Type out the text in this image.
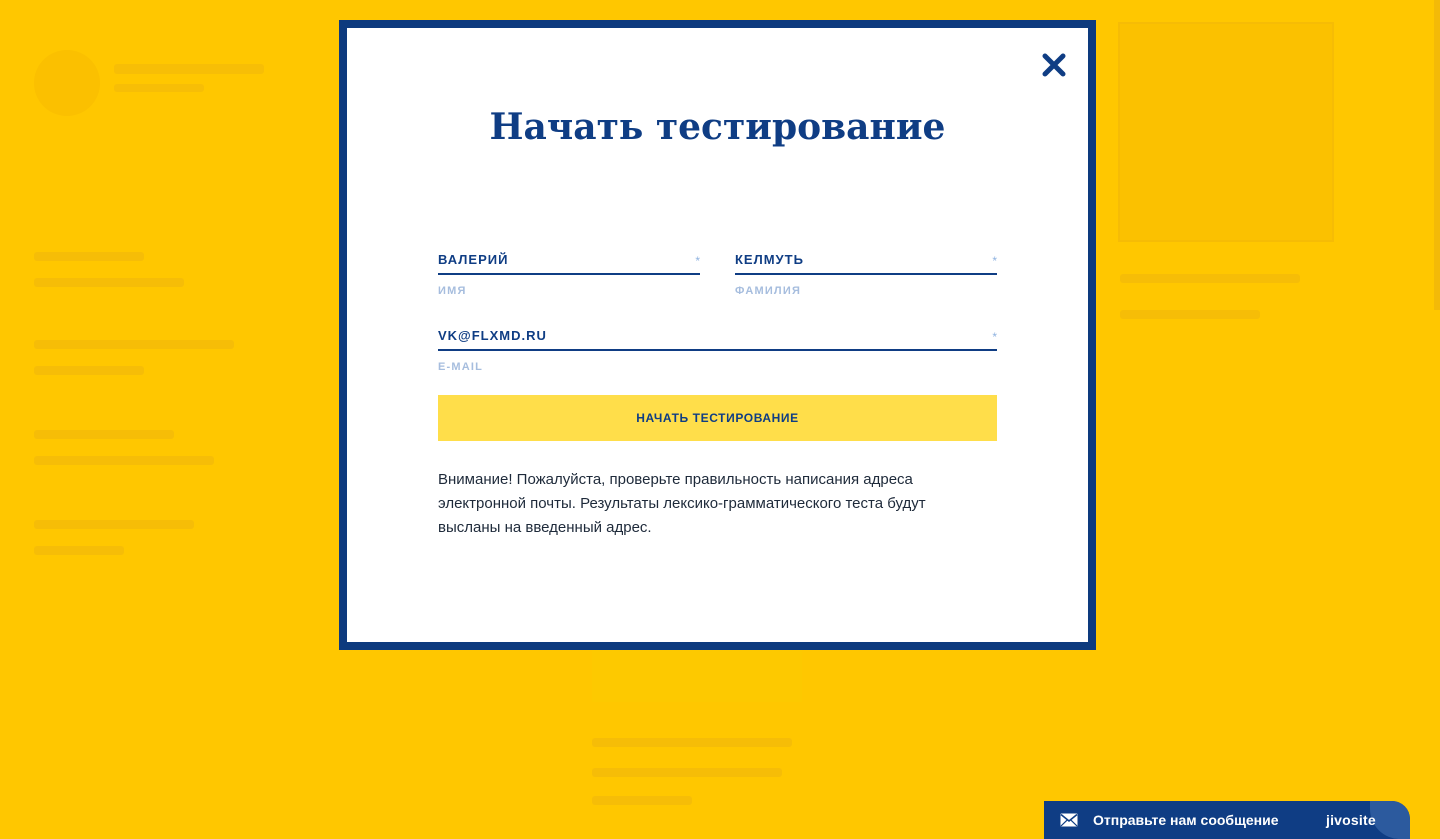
Начать тестирование
ВАЛЕРИЙ
*
ИМЯ
КЕЛМУТЬ
*
ФАМИЛИЯ
VK@FLXMD.RU
*
E-MAIL
НАЧАТЬ ТЕСТИРОВАНИЕ

Внимание! Пожалуйста, проверьте правильность написания адреса электронной почты. Результаты лексико-грамматического теста будут высланы на введенный адрес.

Отправьте нам сообщение	jivosite
